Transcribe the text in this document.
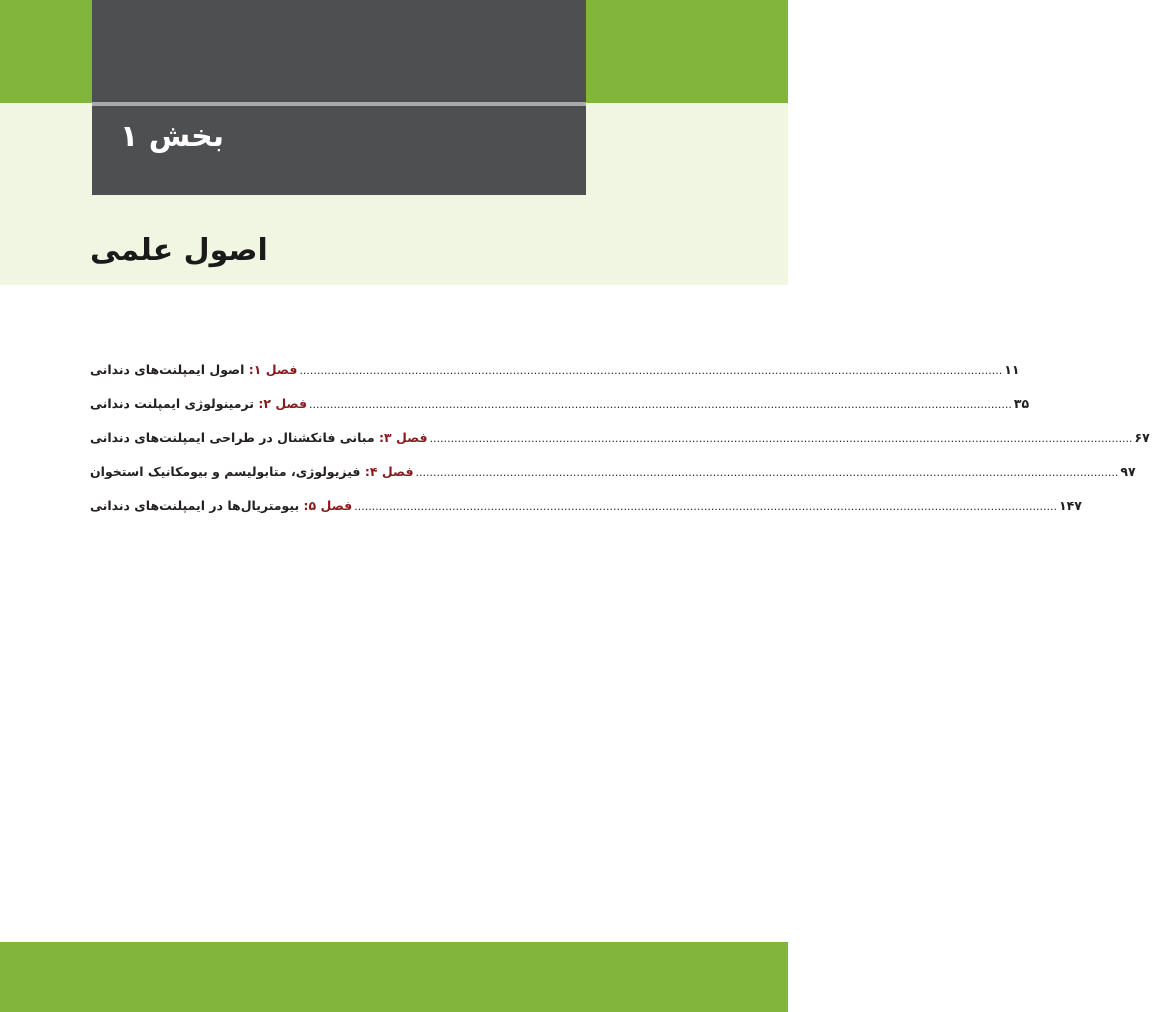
بخش ۱
اصول علمی
فصل ۱: اصول ایمپلنت‌های دندانی	......................................................................................................................................................................................................... ۱۱
فصل ۲: ترمینولوژی ایمپلنت دندانی	......................................................................................................................................................................................................... ۳۵
فصل ۳: مبانی فانکشنال در طراحی ایمپلنت‌های دندانی	......................................................................................................................................................................................................... ۶۷
فصل ۴: فیزیولوژی، متابولیسم و بیومکانیک استخوان	......................................................................................................................................................................................................... ۹۷
فصل ۵: بیومتریال‌ها در ایمپلنت‌های دندانی	......................................................................................................................................................................................................... ۱۴۷
